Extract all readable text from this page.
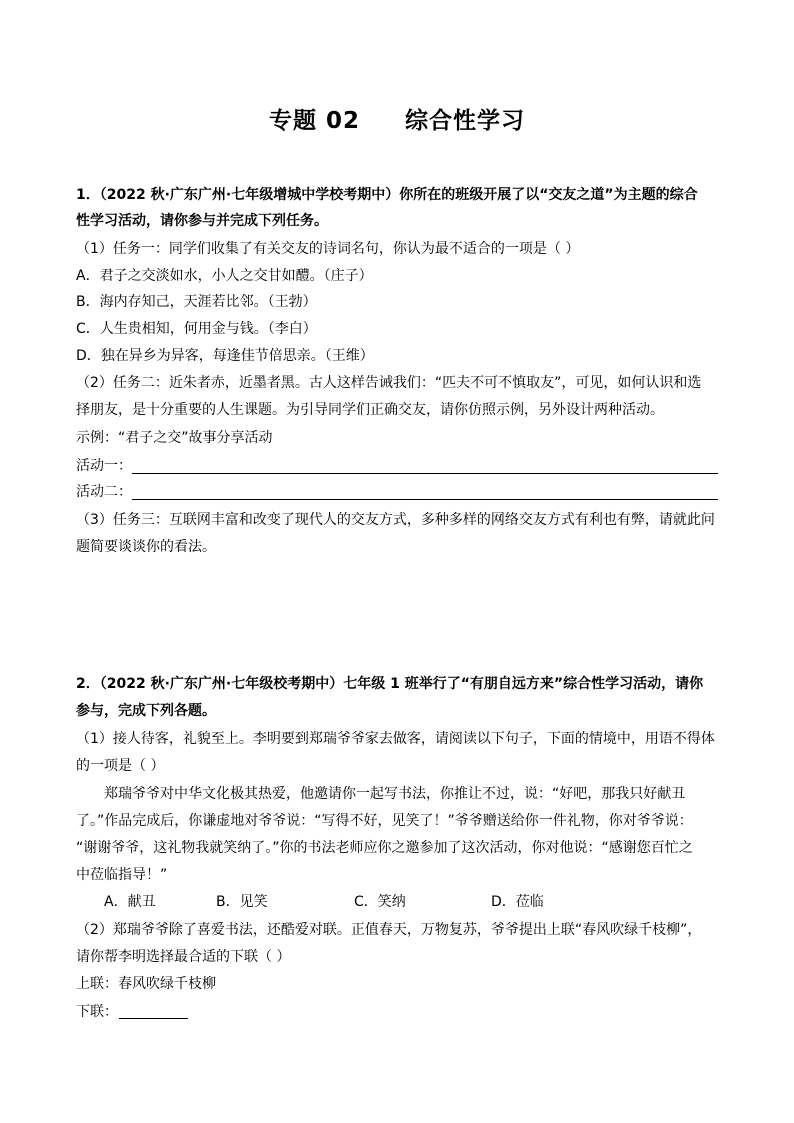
专题 02     综合性学习
1．（2022 秋·广东广州·七年级增城中学校考期中）你所在的班级开展了以“交友之道”为主题的综合
性学习活动，请你参与并完成下列任务。
（1）任务一：同学们收集了有关交友的诗词名句，你认为最不适合的一项是（ ）
A．君子之交淡如水，小人之交甘如醴。（庄子）
B．海内存知己，天涯若比邻。（王勃）
C．人生贵相知，何用金与钱。（李白）
D．独在异乡为异客，每逢佳节倍思亲。（王维）
（2）任务二：近朱者赤，近墨者黑。古人这样告诫我们：“匹夫不可不慎取友”，可见，如何认识和选
择朋友，是十分重要的人生课题。为引导同学们正确交友，请你仿照示例，另外设计两种活动。
示例：“君子之交”故事分享活动
活动一：
活动二：
（3）任务三：互联网丰富和改变了现代人的交友方式，多种多样的网络交友方式有利也有弊，请就此问
题简要谈谈你的看法。
2．（2022 秋·广东广州·七年级校考期中）七年级 1 班举行了“有朋自远方来”综合性学习活动，请你
参与，完成下列各题。
（1）接人待客，礼貌至上。李明要到郑瑞爷爷家去做客，请阅读以下句子，下面的情境中，用语不得体
的一项是（ ）
郑瑞爷爷对中华文化极其热爱，他邀请你一起写书法，你推让不过，说：“好吧，那我只好献丑
了。”作品完成后，你谦虚地对爷爷说：“写得不好，见笑了！”爷爷赠送给你一件礼物，你对爷爷说：
“谢谢爷爷，这礼物我就笑纳了。”你的书法老师应你之邀参加了这次活动，你对他说：“感谢您百忙之
中莅临指导！”
A．献丑	B．见笑	C．笑纳	D．莅临
（2）郑瑞爷爷除了喜爱书法，还酷爱对联。正值春天，万物复苏，爷爷提出上联“春风吹绿千枝柳”，
请你帮李明选择最合适的下联（ ）
上联：春风吹绿千枝柳
下联：
